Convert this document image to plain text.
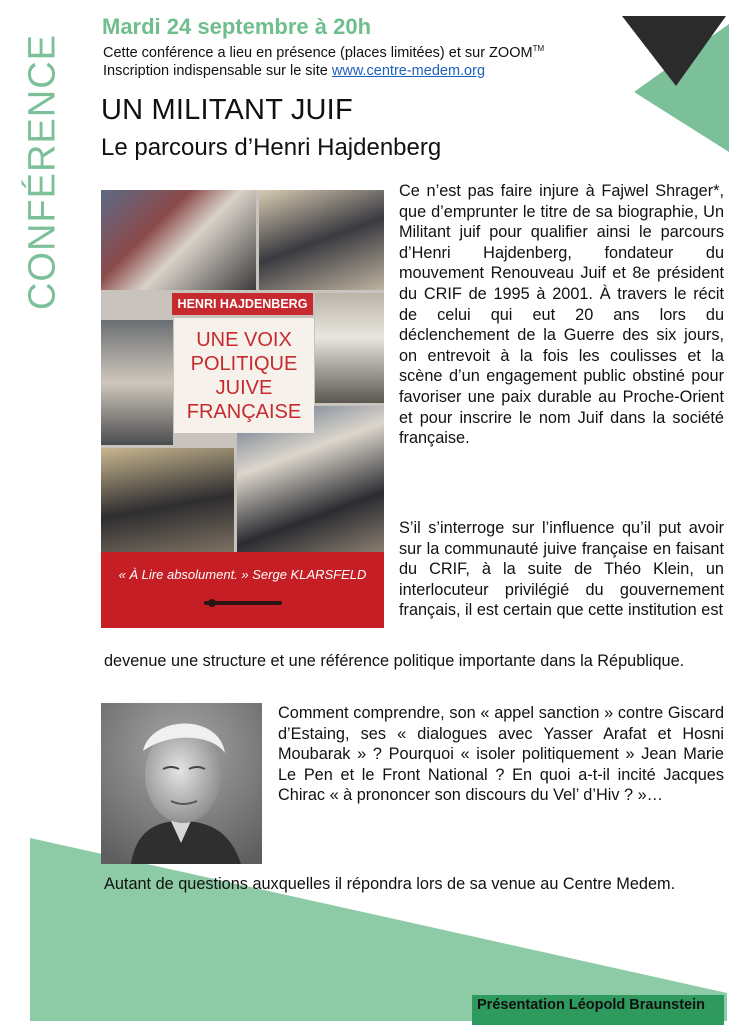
CONFÉRENCE
Mardi 24 septembre à 20h
Cette conférence a lieu en présence (places limitées) et sur ZOOM™
Inscription indispensable sur le site www.centre-medem.org
UN MILITANT JUIF
Le parcours d’Henri Hajdenberg
HENRI HAJDENBERG
UNE VOIX
POLITIQUE
JUIVE
FRANÇAISE
« À Lire absolument. » Serge KLARSFELD
Ce n’est pas faire injure à Fajwel Shrager*, que d’emprunter le titre de sa biographie, Un Militant juif pour qualifier ainsi le parcours d’Henri Hajdenberg, fondateur du mouvement Renouveau Juif et 8e président du CRIF de 1995 à 2001. À travers le récit de celui qui eut 20 ans lors du déclenchement de la Guerre des six jours, on entrevoit à la fois les coulisses et la scène d’un engagement public obstiné pour favoriser une paix durable au Proche-Orient et pour inscrire le nom Juif dans la société française.
S’il s’interroge sur l’influence qu’il put avoir sur la communauté juive française en faisant du CRIF, à la suite de Théo Klein, un interlocuteur privilégié du gouvernement français, il est certain que cette institution est
devenue une structure et une référence politique importante dans la République.
Comment comprendre, son « appel sanction » contre Giscard d’Estaing, ses « dialogues avec Yasser Arafat et Hosni Moubarak » ? Pourquoi « isoler politiquement » Jean Marie Le Pen et le Front National ? En quoi a-t-il incité Jacques Chirac « à prononcer son discours du Vel’ d’Hiv ? »…
Autant de questions auxquelles il répondra lors de sa venue au Centre Medem.
Présentation Léopold Braunstein
